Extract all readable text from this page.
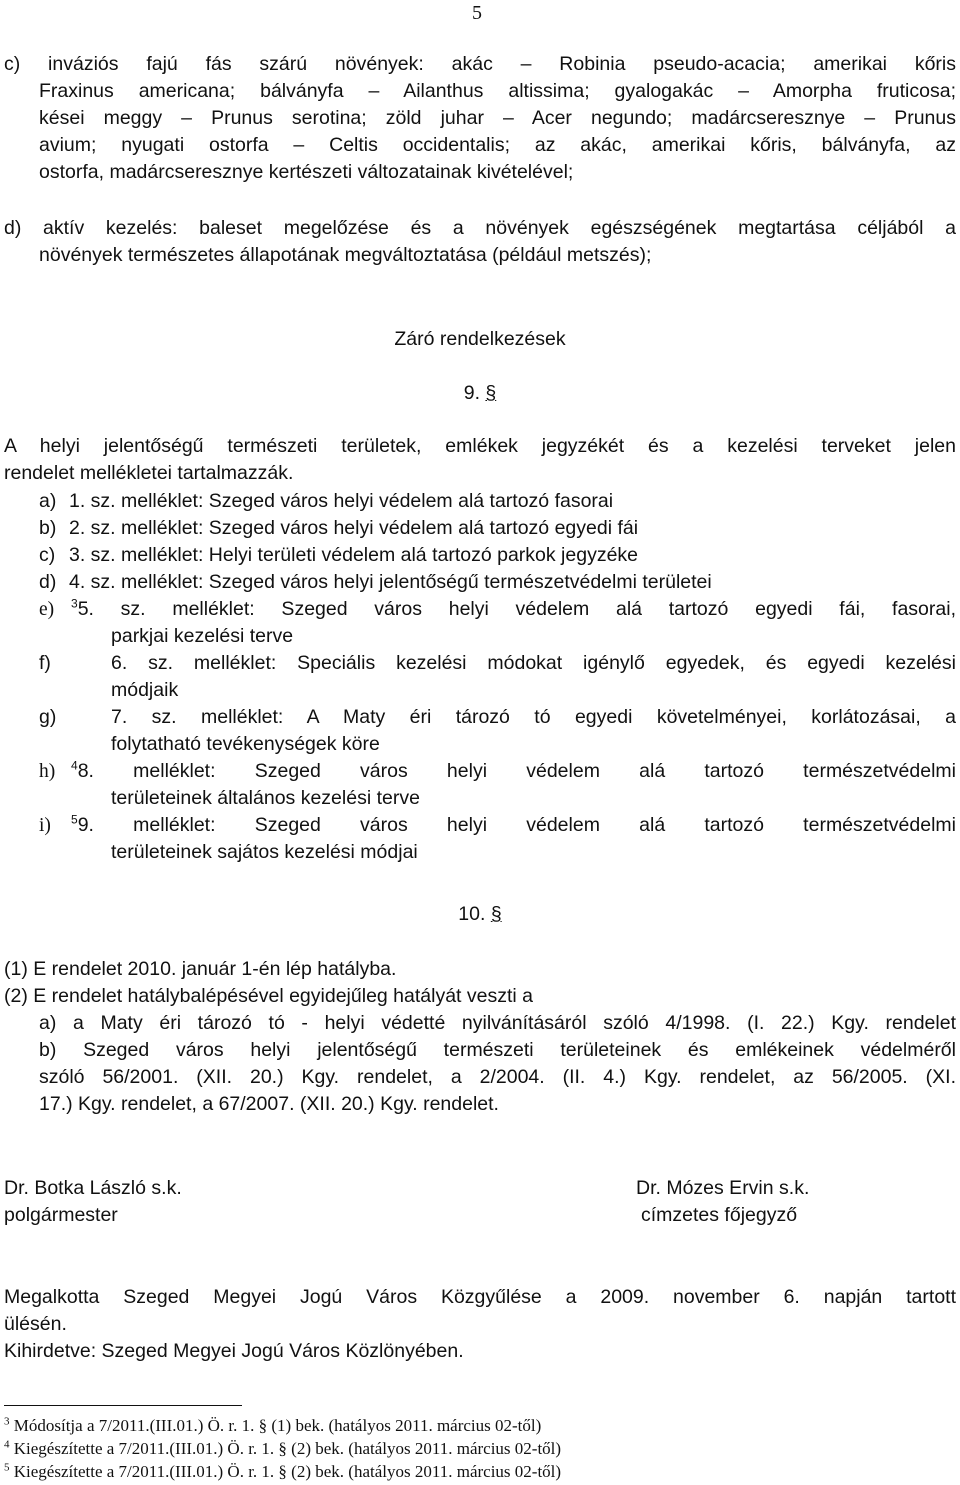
5
c) inváziós fajú fás szárú növények: akác – Robinia pseudo-acacia; amerikai kőris
Fraxinus americana; bálványfa – Ailanthus altissima; gyalogakác – Amorpha fruticosa;
kései meggy – Prunus serotina; zöld juhar – Acer negundo; madárcseresznye – Prunus
avium; nyugati ostorfa – Celtis occidentalis; az akác, amerikai kőris, bálványfa, az
ostorfa, madárcseresznye kertészeti változatainak kivételével;
d) aktív kezelés: baleset megelőzése és a növények egészségének megtartása céljából a
növények természetes állapotának megváltoztatása (például metszés);
Záró rendelkezések
9. §
A helyi jelentőségű természeti területek, emlékek jegyzékét és a kezelési terveket jelen
rendelet mellékletei tartalmazzák.
a) 1. sz. melléklet: Szeged város helyi védelem alá tartozó fasorai
b) 2. sz. melléklet: Szeged város helyi védelem alá tartozó egyedi fái
c) 3. sz. melléklet: Helyi területi védelem alá tartozó parkok jegyzéke
d) 4. sz. melléklet: Szeged város helyi jelentőségű természetvédelmi területei
e) $^3$5. sz. melléklet: Szeged város helyi védelem alá tartozó egyedi fái, fasorai,
parkjai kezelési terve
f)	6. sz. melléklet: Speciális kezelési módokat igénylő egyedek, és egyedi kezelési
módjaik
g)	7. sz. melléklet: A Maty éri tározó tó egyedi követelményei, korlátozásai, a
folytatható tevékenységek köre
h) $^4$8. melléklet: Szeged város helyi védelem alá tartozó természetvédelmi
területeinek általános kezelési terve
i) $^5$9. melléklet: Szeged város helyi védelem alá tartozó természetvédelmi
területeinek sajátos kezelési módjai
10. §
(1) E rendelet 2010. január 1-én lép hatályba.
(2) E rendelet hatálybalépésével egyidejűleg hatályát veszti a
a) a Maty éri tározó tó - helyi védetté nyilvánításáról szóló 4/1998. (I. 22.) Kgy. rendelet
b) Szeged város helyi jelentőségű természeti területeinek és emlékeinek védelméről
szóló 56/2001. (XII. 20.) Kgy. rendelet, a 2/2004. (II. 4.) Kgy. rendelet, az 56/2005. (XI.
17.) Kgy. rendelet, a 67/2007. (XII. 20.) Kgy. rendelet.
Dr. Botka László s.k.
polgármester
Dr. Mózes Ervin s.k.
címzetes főjegyző
Megalkotta Szeged Megyei Jogú Város Közgyűlése a 2009. november 6. napján tartott
ülésén.
Kihirdetve: Szeged Megyei Jogú Város Közlönyében.
$^3$ Módosítja a 7/2011.(III.01.) Ö. r. 1. § (1) bek. (hatályos 2011. március 02-től)
$^4$ Kiegészítette a 7/2011.(III.01.) Ö. r. 1. § (2) bek. (hatályos 2011. március 02-től)
$^5$ Kiegészítette a 7/2011.(III.01.) Ö. r. 1. § (2) bek. (hatályos 2011. március 02-től)
